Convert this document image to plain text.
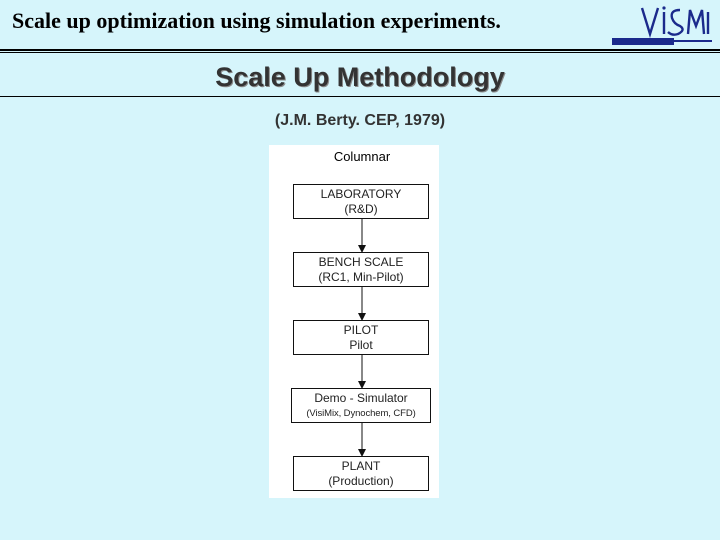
Scale up optimization using simulation experiments.
Scale Up Methodology
(J.M. Berty. CEP, 1979)
Columnar
LABORATORY
(R&D)
BENCH SCALE
(RC1, Min-Pilot)
PILOT
Pilot
Demo - Simulator
(VisiMix, Dynochem, CFD)
PLANT
(Production)
